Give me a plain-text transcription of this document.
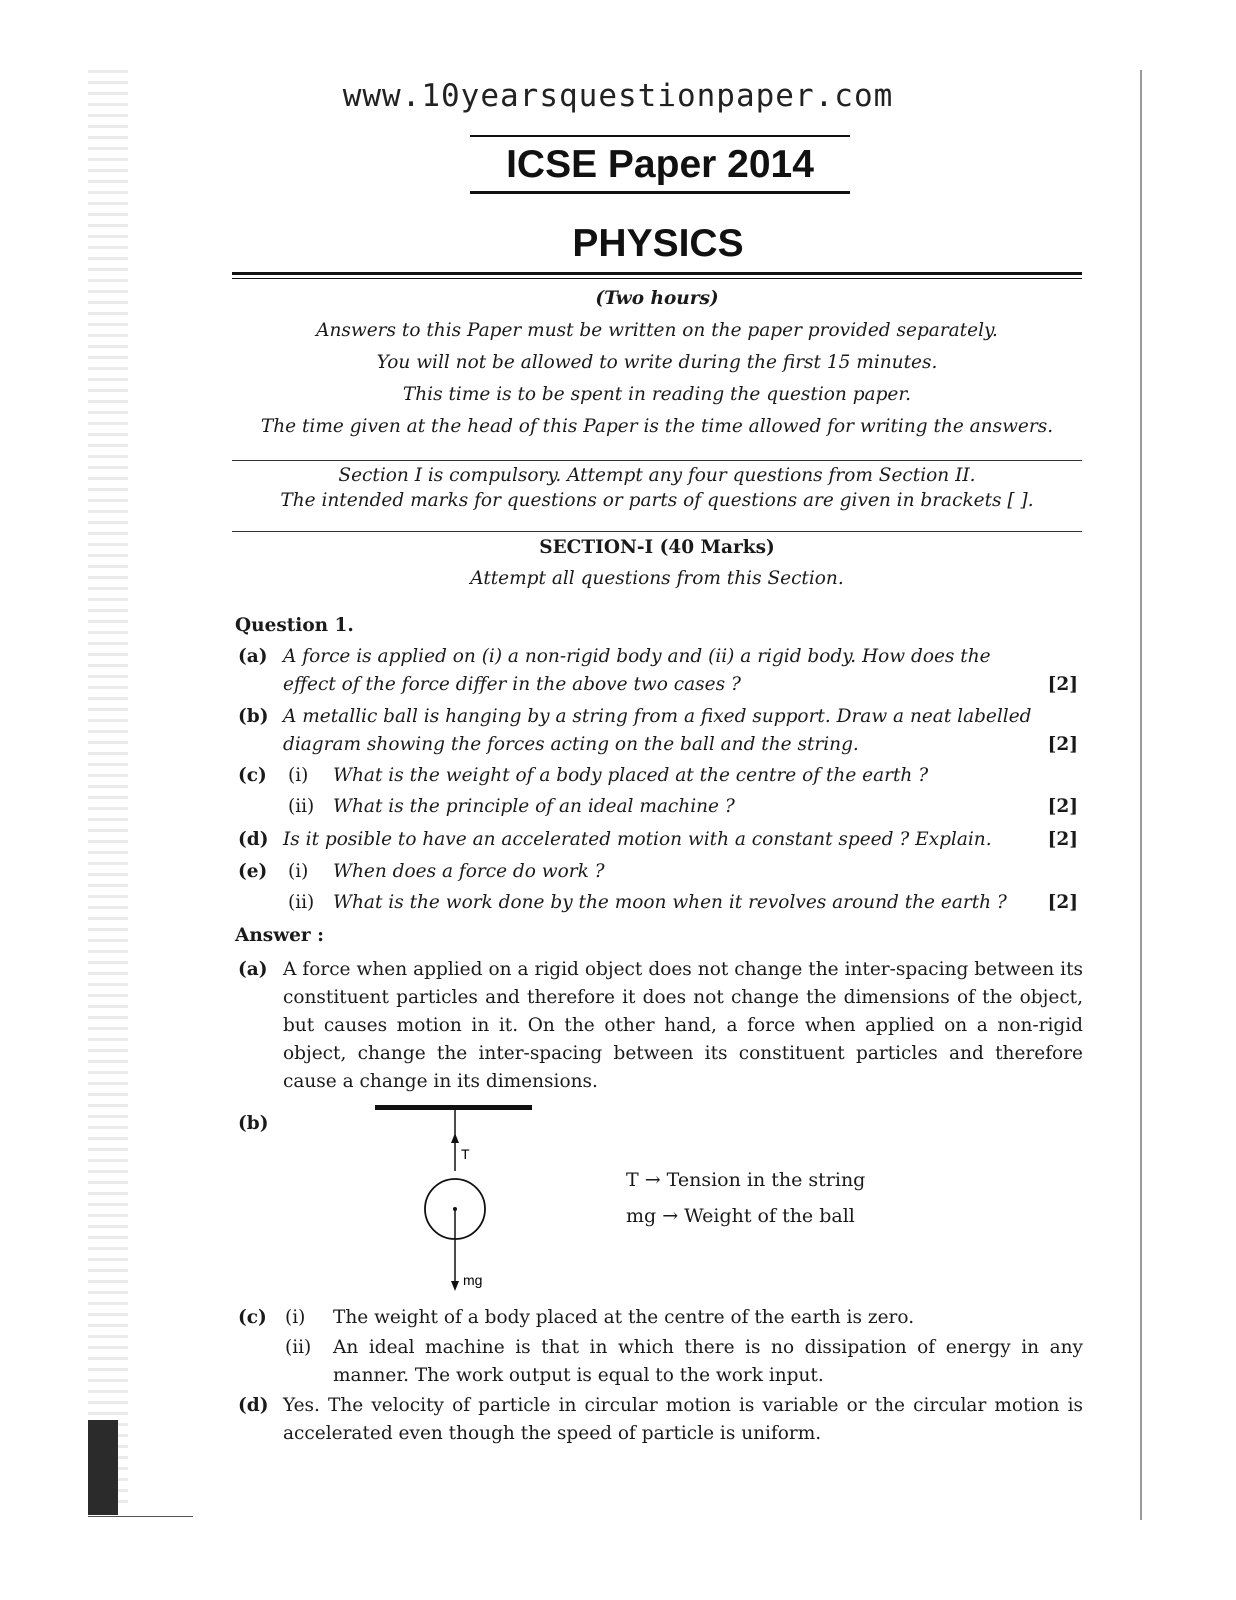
www.10yearsquestionpaper.com
ICSE Paper 2014
PHYSICS
(Two hours)
Answers to this Paper must be written on the paper provided separately.
You will not be allowed to write during the first 15 minutes.
This time is to be spent in reading the question paper.
The time given at the head of this Paper is the time allowed for writing the answers.
Section I is compulsory. Attempt any four questions from Section II.
The intended marks for questions or parts of questions are given in brackets [ ].
SECTION-I (40 Marks)
Attempt all questions from this Section.
Question 1.
(a) A force is applied on (i) a non-rigid body and (ii) a rigid body. How does the effect of the force differ in the above two cases ?	[2]
(b) A metallic ball is hanging by a string from a fixed support. Draw a neat labelled diagram showing the forces acting on the ball and the string.	[2]
(c) (i) What is the weight of a body placed at the centre of the earth ?
(ii) What is the principle of an ideal machine ?	[2]
(d) Is it posible to have an accelerated motion with a constant speed ? Explain.	[2]
(e) (i) When does a force do work ?
(ii) What is the work done by the moon when it revolves around the earth ?	[2]
Answer :
(a) A force when applied on a rigid object does not change the inter-spacing between its constituent particles and therefore it does not change the dimensions of the object, but causes motion in it. On the other hand, a force when applied on a non-rigid object, change the inter-spacing between its constituent particles and therefore cause a change in its dimensions.
(b)
T
mg
T → Tension in the string
mg → Weight of the ball
(c) (i) The weight of a body placed at the centre of the earth is zero.
(ii) An ideal machine is that in which there is no dissipation of energy in any manner. The work output is equal to the work input.
(d) Yes. The velocity of particle in circular motion is variable or the circular motion is accelerated even though the speed of particle is uniform.
